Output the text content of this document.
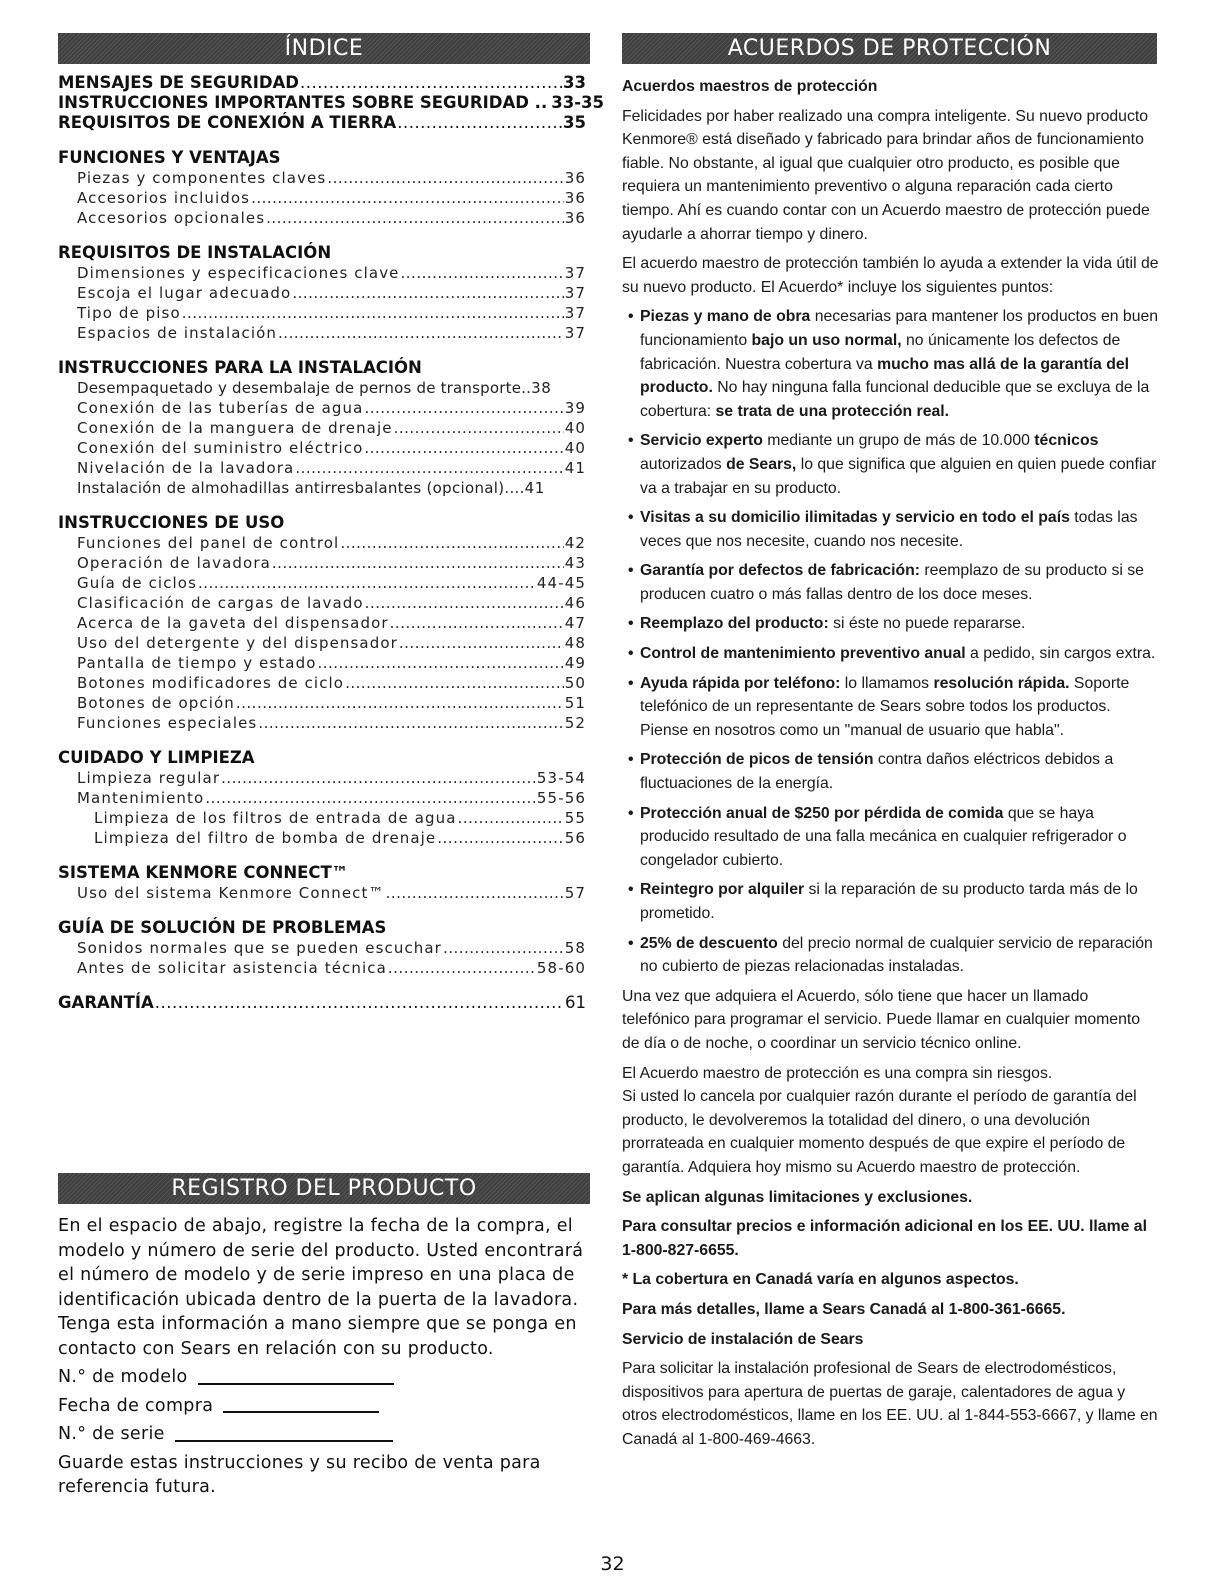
ÍNDICE
MENSAJES DE SEGURIDAD .....	33
INSTRUCCIONES IMPORTANTES SOBRE SEGURIDAD .. 33-35
REQUISITOS DE CONEXIÓN A TIERRA .....	35
FUNCIONES Y VENTAJAS
Piezas y componentes claves .....	36
Accesorios incluidos .....	36
Accesorios opcionales .....	36
REQUISITOS DE INSTALACIÓN
Dimensiones y especificaciones clave .....	37
Escoja el lugar adecuado .....	37
Tipo de piso .....	37
Espacios de instalación .....	37
INSTRUCCIONES PARA LA INSTALACIÓN
Desempaquetado y desembalaje de pernos de transporte.. 38
Conexión de las tuberías de agua .....	39
Conexión de la manguera de drenaje .....	40
Conexión del suministro eléctrico .....	40
Nivelación de la lavadora .....	41
Instalación de almohadillas antirresbalantes (opcional).... 41
INSTRUCCIONES DE USO
Funciones del panel de control .....	42
Operación de lavadora .....	43
Guía de ciclos .....	44-45
Clasificación de cargas de lavado .....	46
Acerca de la gaveta del dispensador .....	47
Uso del detergente y del dispensador .....	48
Pantalla de tiempo y estado .....	49
Botones modificadores de ciclo .....	50
Botones de opción .....	51
Funciones especiales .....	52
CUIDADO Y LIMPIEZA
Limpieza regular .....	53-54
Mantenimiento .....	55-56
Limpieza de los filtros de entrada de agua .....	55
Limpieza del filtro de bomba de drenaje .....	56
SISTEMA KENMORE CONNECT™
Uso del sistema Kenmore Connect™ .....	57
GUÍA DE SOLUCIÓN DE PROBLEMAS
Sonidos normales que se pueden escuchar .....	58
Antes de solicitar asistencia técnica .....	58-60
GARANTÍA .....	61
REGISTRO DEL PRODUCTO

En el espacio de abajo, registre la fecha de la compra, el modelo y número de serie del producto. Usted encontrará el número de modelo y de serie impreso en una placa de identificación ubicada dentro de la puerta de la lavadora. Tenga esta información a mano siempre que se ponga en contacto con Sears en relación con su producto.

N.° de modelo
Fecha de compra
N.° de serie

Guarde estas instrucciones y su recibo de venta para referencia futura.

ACUERDOS DE PROTECCIÓN

Acuerdos maestros de protección

Felicidades por haber realizado una compra inteligente. Su nuevo producto Kenmore® está diseñado y fabricado para brindar años de funcionamiento fiable. No obstante, al igual que cualquier otro producto, es posible que requiera un mantenimiento preventivo o alguna reparación cada cierto tiempo. Ahí es cuando contar con un Acuerdo maestro de protección puede ayudarle a ahorrar tiempo y dinero.

El acuerdo maestro de protección también lo ayuda a extender la vida útil de su nuevo producto. El Acuerdo* incluye los siguientes puntos:

• Piezas y mano de obra necesarias para mantener los productos en buen funcionamiento bajo un uso normal, no únicamente los defectos de fabricación. Nuestra cobertura va mucho mas allá de la garantía del producto. No hay ninguna falla funcional deducible que se excluya de la cobertura: se trata de una protección real.

• Servicio experto mediante un grupo de más de 10.000 técnicos autorizados de Sears, lo que significa que alguien en quien puede confiar va a trabajar en su producto.

• Visitas a su domicilio ilimitadas y servicio en todo el país todas las veces que nos necesite, cuando nos necesite.

• Garantía por defectos de fabricación: reemplazo de su producto si se producen cuatro o más fallas dentro de los doce meses.

• Reemplazo del producto: si éste no puede repararse.

• Control de mantenimiento preventivo anual a pedido, sin cargos extra.

• Ayuda rápida por teléfono: lo llamamos resolución rápida. Soporte telefónico de un representante de Sears sobre todos los productos. Piense en nosotros como un "manual de usuario que habla".

• Protección de picos de tensión contra daños eléctricos debidos a fluctuaciones de la energía.

• Protección anual de $250 por pérdida de comida que se haya producido resultado de una falla mecánica en cualquier refrigerador o congelador cubierto.

• Reintegro por alquiler si la reparación de su producto tarda más de lo prometido.

• 25% de descuento del precio normal de cualquier servicio de reparación no cubierto de piezas relacionadas instaladas.

Una vez que adquiera el Acuerdo, sólo tiene que hacer un llamado telefónico para programar el servicio. Puede llamar en cualquier momento de día o de noche, o coordinar un servicio técnico online.

El Acuerdo maestro de protección es una compra sin riesgos.

Si usted lo cancela por cualquier razón durante el período de garantía del producto, le devolveremos la totalidad del dinero, o una devolución prorrateada en cualquier momento después de que expire el período de garantía. Adquiera hoy mismo su Acuerdo maestro de protección.

Se aplican algunas limitaciones y exclusiones.

Para consultar precios e información adicional en los EE. UU. llame al 1-800-827-6655.

* La cobertura en Canadá varía en algunos aspectos.

Para más detalles, llame a Sears Canadá al 1-800-361-6665.

Servicio de instalación de Sears

Para solicitar la instalación profesional de Sears de electrodomésticos, dispositivos para apertura de puertas de garaje, calentadores de agua y otros electrodomésticos, llame en los EE. UU. al 1-844-553-6667, y llame en Canadá al 1-800-469-4663.

32
